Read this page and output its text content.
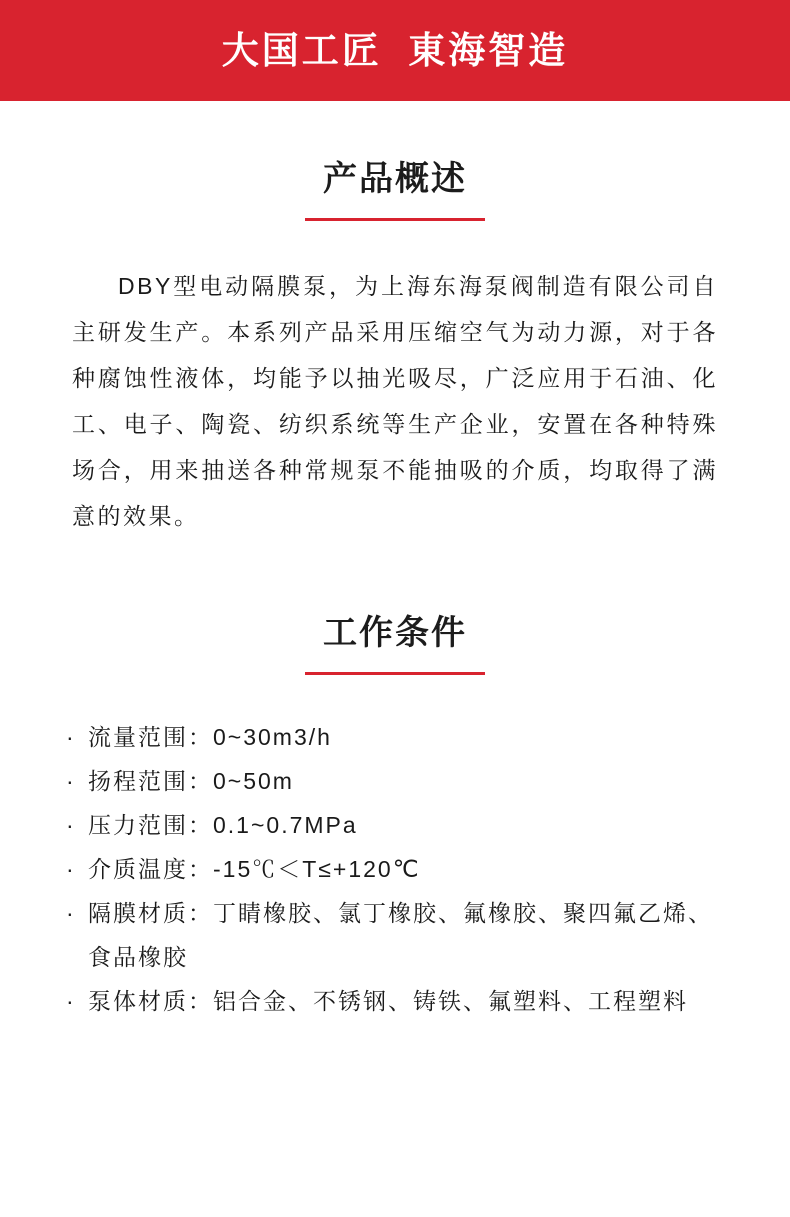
大国工匠  東海智造
产品概述
DBY型电动隔膜泵，为上海东海泵阀制造有限公司自主研发生产。本系列产品采用压缩空气为动力源，对于各种腐蚀性液体，均能予以抽光吸尽，广泛应用于石油、化工、电子、陶瓷、纺织系统等生产企业，安置在各种特殊场合，用来抽送各种常规泵不能抽吸的介质，均取得了满意的效果。
工作条件
· 流量范围：0~30m3/h
· 扬程范围：0~50m
· 压力范围：0.1~0.7MPa
· 介质温度：-15℃＜T≤+120℃
· 隔膜材质：丁睛橡胶、氯丁橡胶、氟橡胶、聚四氟乙烯、食品橡胶
· 泵体材质：铝合金、不锈钢、铸铁、氟塑料、工程塑料
